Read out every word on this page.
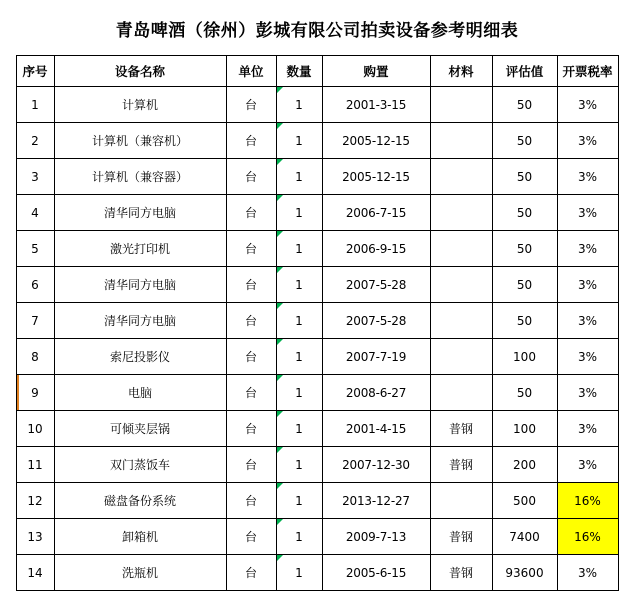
青岛啤酒（徐州）彭城有限公司拍卖设备参考明细表
序号	设备名称	单位	数量	购置	材料	评估值	开票税率
1	计算机	台	1	2001-3-15		50	3%
2	计算机（兼容机）	台	1	2005-12-15		50	3%
3	计算机（兼容器）	台	1	2005-12-15		50	3%
4	清华同方电脑	台	1	2006-7-15		50	3%
5	激光打印机	台	1	2006-9-15		50	3%
6	清华同方电脑	台	1	2007-5-28		50	3%
7	清华同方电脑	台	1	2007-5-28		50	3%
8	索尼投影仪	台	1	2007-7-19		100	3%
9	电脑	台	1	2008-6-27		50	3%
10	可倾夹层锅	台	1	2001-4-15	普钢	100	3%
11	双门蒸饭车	台	1	2007-12-30	普钢	200	3%
12	磁盘备份系统	台	1	2013-12-27		500	16%
13	卸箱机	台	1	2009-7-13	普钢	7400	16%
14	洗瓶机	台	1	2005-6-15	普钢	93600	3%
